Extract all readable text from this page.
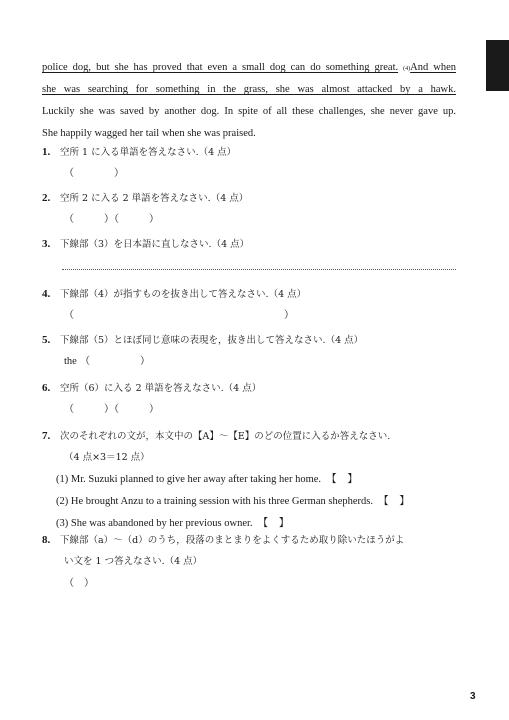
評
価
問
題
police dog, but she has proved that even a small dog can do something great. (4)And when
she was searching for something in the grass, she was almost attacked by a hawk.
Luckily she was saved by another dog. In spite of all these challenges, she never gave up.
She happily wagged her tail when she was praised.
1. 空所 1 に入る単語を答えなさい.（4 点）
（　　　　）
2. 空所 2 に入る 2 単語を答えなさい.（4 点）
（　　　）（　　　）
3. 下線部（3）を日本語に直しなさい.（4 点）
4. 下線部（4）が指すものを抜き出して答えなさい.（4 点）
（　　　　　　　　　　　　　　　　　　　　　）
5. 下線部（5）とほぼ同じ意味の表現を，抜き出して答えなさい.（4 点）
the （　　　　　）
6. 空所（6）に入る 2 単語を答えなさい.（4 点）
（　　　）（　　　）
7. 次のそれぞれの文が，本文中の【A】～【E】のどの位置に入るか答えなさい.
（4 点×3＝12 点）
(1) Mr. Suzuki planned to give her away after taking her home. 【　】
(2) He brought Anzu to a training session with his three German shepherds. 【　】
(3) She was abandoned by her previous owner. 【　】
8. 下線部（a）～（d）のうち，段落のまとまりをよくするため取り除いたほうがよ
い文を 1 つ答えなさい.（4 点）
（　）
3
